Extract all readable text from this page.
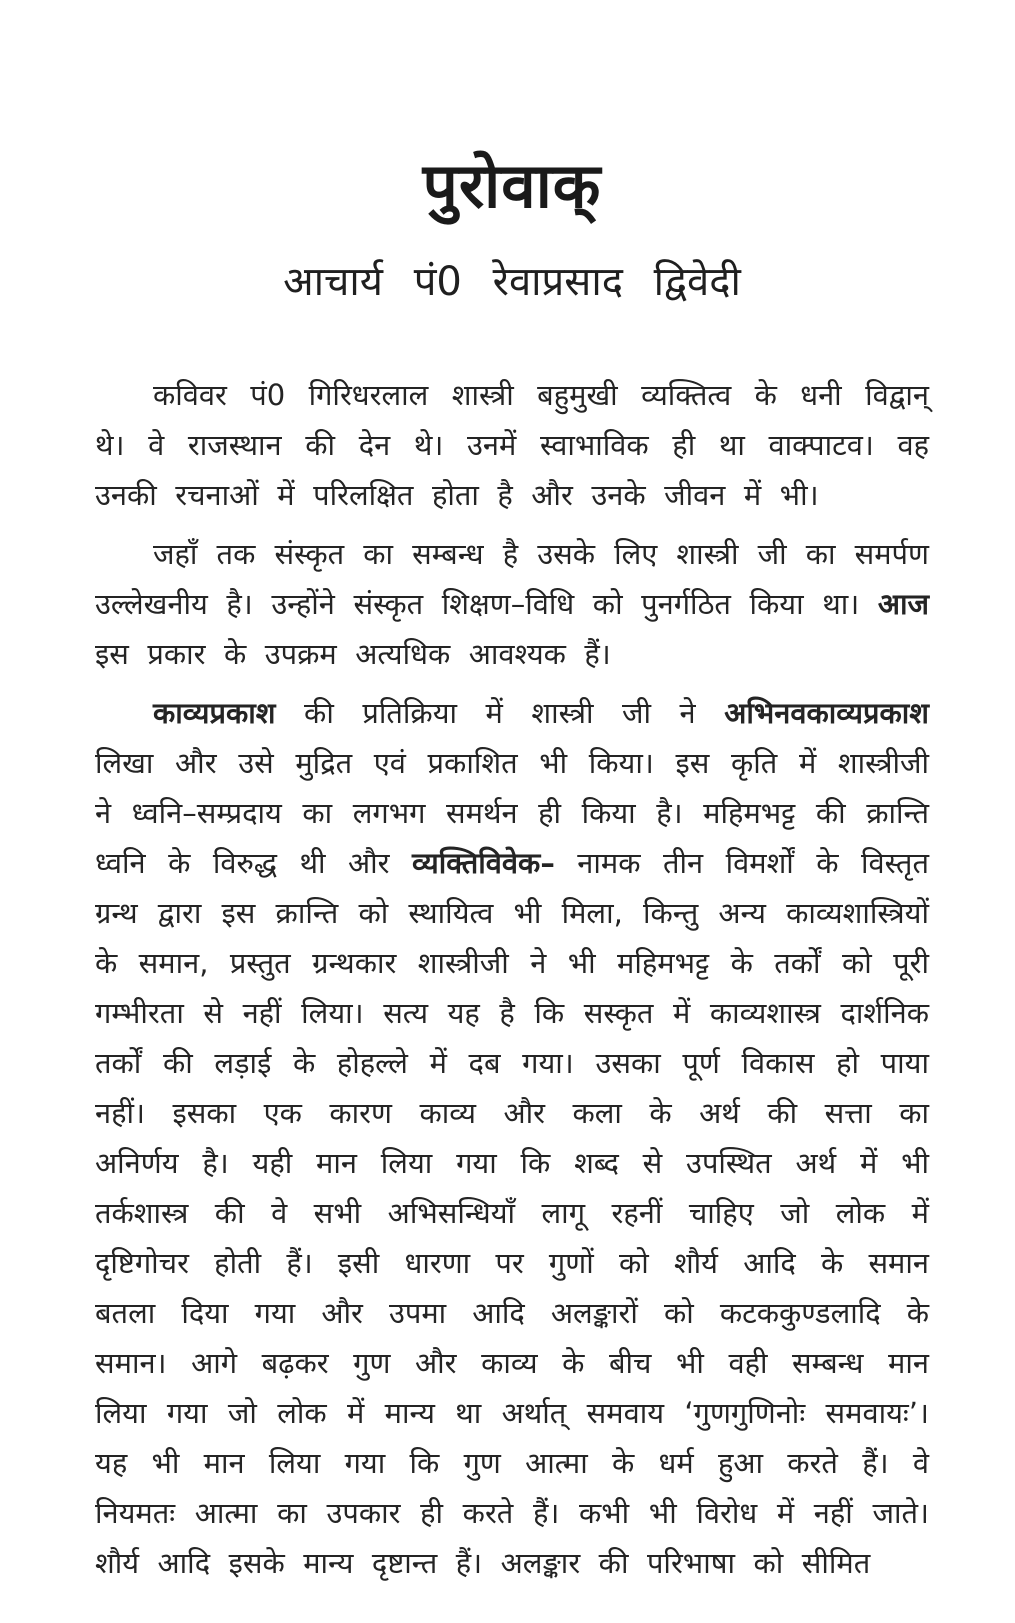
पुरोवाक्
आचार्य पं0 रेवाप्रसाद द्विवेदी

कविवर पं0 गिरिधरलाल शास्त्री बहुमुखी व्यक्तित्व के धनी विद्वान् थे। वे राजस्थान की देन थे। उनमें स्वाभाविक ही था वाक्पाटव। वह उनकी रचनाओं में परिलक्षित होता है और उनके जीवन में भी।

जहाँ तक संस्कृत का सम्बन्ध है उसके लिए शास्त्री जी का समर्पण उल्लेखनीय है। उन्होंने संस्कृत शिक्षण–विधि को पुनर्गठित किया था। आज इस प्रकार के उपक्रम अत्यधिक आवश्यक हैं।

काव्यप्रकाश की प्रतिक्रिया में शास्त्री जी ने अभिनवकाव्यप्रकाश लिखा और उसे मुद्रित एवं प्रकाशित भी किया। इस कृति में शास्त्रीजी ने ध्वनि–सम्प्रदाय का लगभग समर्थन ही किया है। महिमभट्ट की क्रान्ति ध्वनि के विरुद्ध थी और व्यक्तिविवेक– नामक तीन विमर्शों के विस्तृत ग्रन्थ द्वारा इस क्रान्ति को स्थायित्व भी मिला, किन्तु अन्य काव्यशास्त्रियों के समान, प्रस्तुत ग्रन्थकार शास्त्रीजी ने भी महिमभट्ट के तर्कों को पूरी गम्भीरता से नहीं लिया। सत्य यह है कि सस्कृत में काव्यशास्त्र दार्शनिक तर्कों की लड़ाई के होहल्ले में दब गया। उसका पूर्ण विकास हो पाया नहीं। इसका एक कारण काव्य और कला के अर्थ की सत्ता का अनिर्णय है। यही मान लिया गया कि शब्द से उपस्थित अर्थ में भी तर्कशास्त्र की वे सभी अभिसन्धियाँ लागू रहनीं चाहिए जो लोक में दृष्टिगोचर होती हैं। इसी धारणा पर गुणों को शौर्य आदि के समान बतला दिया गया और उपमा आदि अलङ्कारों को कटककुण्डलादि के समान। आगे बढ़कर गुण और काव्य के बीच भी वही सम्बन्ध मान लिया गया जो लोक में मान्य था अर्थात् समवाय ‘गुणगुणिनोः समवायः’। यह भी मान लिया गया कि गुण आत्मा के धर्म हुआ करते हैं। वे नियमतः आत्मा का उपकार ही करते हैं। कभी भी विरोध में नहीं जाते। शौर्य आदि इसके मान्य दृष्टान्त हैं। अलङ्कार की परिभाषा को सीमित
